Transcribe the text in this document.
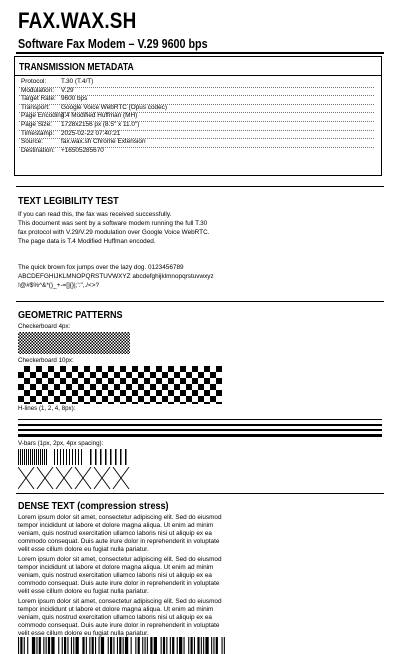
FAX.WAX.SH
Software Fax Modem – V.29 9600 bps
TRANSMISSION METADATA
Protocol: T.30 (T.4/T)
Modulation: V.29
Target Rate: 9600 bps
Transport: Google Voice WebRTC (Opus codec)
Page Encoding:
T.4 Modified Huffman (MH)
Page Size: 1728x2156 px (8.5" x 11.0")
Timestamp: 2025-02-22 07:40:21
Source:	fax.wax.sh Chrome Extension
Destination: +16505285670
TEXT LEGIBILITY TEST
If you can read this, the fax was received successfully.
This document was sent by a software modem running the full T.30
fax protocol with V.29/V.29 modulation over Google Voice WebRTC.
The page data is T.4 Modified Huffman encoded.
The quick brown fox jumps over the lazy dog. 0123456789
ABCDEFGHIJKLMNOPQRSTUVWXYZ abcdefghijklmnopqrstuvwxyz
!@#$%^&*()_+-=[]{}|;':",./<>?
GEOMETRIC PATTERNS
Checkerboard 4px:
Checkerboard 10px:
H-lines (1, 2, 4, 8px):
V-bars (1px, 2px, 4px spacing):
DENSE TEXT (compression stress)
Lorem ipsum dolor sit amet, consectetur adipiscing elit. Sed do eiusmod
tempor incididunt ut labore et dolore magna aliqua. Ut enim ad minim
veniam, quis nostrud exercitation ullamco laboris nisi ut aliquip ex ea
commodo consequat. Duis aute irure dolor in reprehenderit in voluptate
velit esse cillum dolore eu fugiat nulla pariatur.
Lorem ipsum dolor sit amet, consectetur adipiscing elit. Sed do eiusmod
tempor incididunt ut labore et dolore magna aliqua. Ut enim ad minim
veniam, quis nostrud exercitation ullamco laboris nisi ut aliquip ex ea
commodo consequat. Duis aute irure dolor in reprehenderit in voluptate
velit esse cillum dolore eu fugiat nulla pariatur.
Lorem ipsum dolor sit amet, consectetur adipiscing elit. Sed do eiusmod
tempor incididunt ut labore et dolore magna aliqua. Ut enim ad minim
veniam, quis nostrud exercitation ullamco laboris nisi ut aliquip ex ea
commodo consequat. Duis aute irure dolor in reprehenderit in voluptate
velit esse cillum dolore eu fugiat nulla pariatur.
